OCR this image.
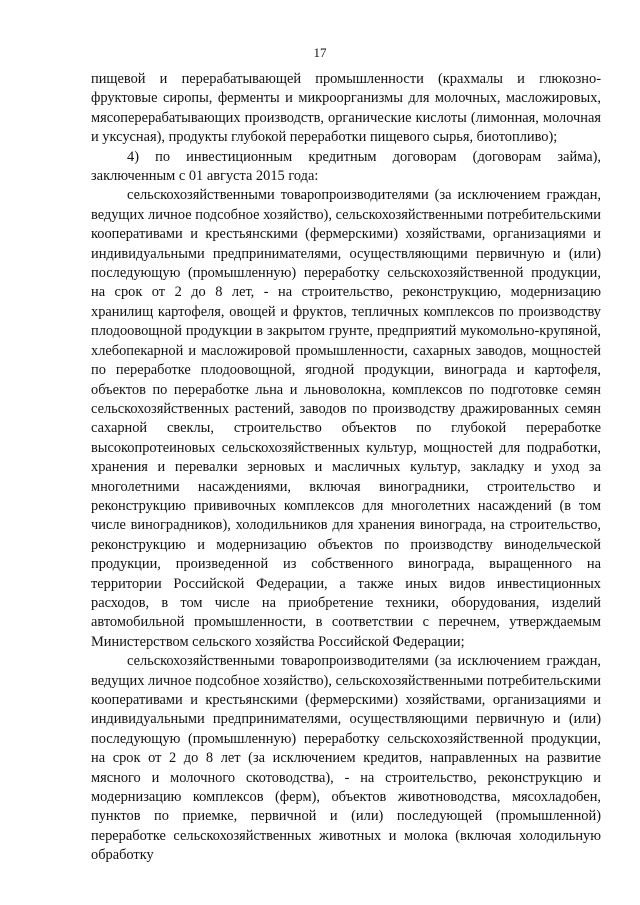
17

пищевой и перерабатывающей промышленности (крахмалы и глюкозно-фруктовые сиропы, ферменты и микроорганизмы для молочных, масложировых, мясоперерабатывающих производств, органические кислоты (лимонная, молочная и уксусная), продукты глубокой переработки пищевого сырья, биотопливо);

4) по инвестиционным кредитным договорам (договорам займа), заключенным с 01 августа 2015 года:

сельскохозяйственными товаропроизводителями (за исключением граждан, ведущих личное подсобное хозяйство), сельскохозяйственными потребительскими кооперативами и крестьянскими (фермерскими) хозяйствами, организациями и индивидуальными предпринимателями, осуществляющими первичную и (или) последующую (промышленную) переработку сельскохозяйственной продукции, на срок от 2 до 8 лет, - на строительство, реконструкцию, модернизацию хранилищ картофеля, овощей и фруктов, тепличных комплексов по производству плодоовощной продукции в закрытом грунте, предприятий мукомольно-крупяной, хлебопекарной и масложировой промышленности, сахарных заводов, мощностей по переработке плодоовощной, ягодной продукции, винограда и картофеля, объектов по переработке льна и льноволокна, комплексов по подготовке семян сельскохозяйственных растений, заводов по производству дражированных семян сахарной свеклы, строительство объектов по глубокой переработке высокопротеиновых сельскохозяйственных культур, мощностей для подработки, хранения и перевалки зерновых и масличных культур, закладку и уход за многолетними насаждениями, включая виноградники, строительство и реконструкцию прививочных комплексов для многолетних насаждений (в том числе виноградников), холодильников для хранения винограда, на строительство, реконструкцию и модернизацию объектов по производству винодельческой продукции, произведенной из собственного винограда, выращенного на территории Российской Федерации, а также иных видов инвестиционных расходов, в том числе на приобретение техники, оборудования, изделий автомобильной промышленности, в соответствии с перечнем, утверждаемым Министерством сельского хозяйства Российской Федерации;

сельскохозяйственными товаропроизводителями (за исключением граждан, ведущих личное подсобное хозяйство), сельскохозяйственными потребительскими кооперативами и крестьянскими (фермерскими) хозяйствами, организациями и индивидуальными предпринимателями, осуществляющими первичную и (или) последующую (промышленную) переработку сельскохозяйственной продукции, на срок от 2 до 8 лет (за исключением кредитов, направленных на развитие мясного и молочного скотоводства), - на строительство, реконструкцию и модернизацию комплексов (ферм), объектов животноводства, мясохладобен, пунктов по приемке, первичной и (или) последующей (промышленной) переработке сельскохозяйственных животных и молока (включая холодильную обработку
